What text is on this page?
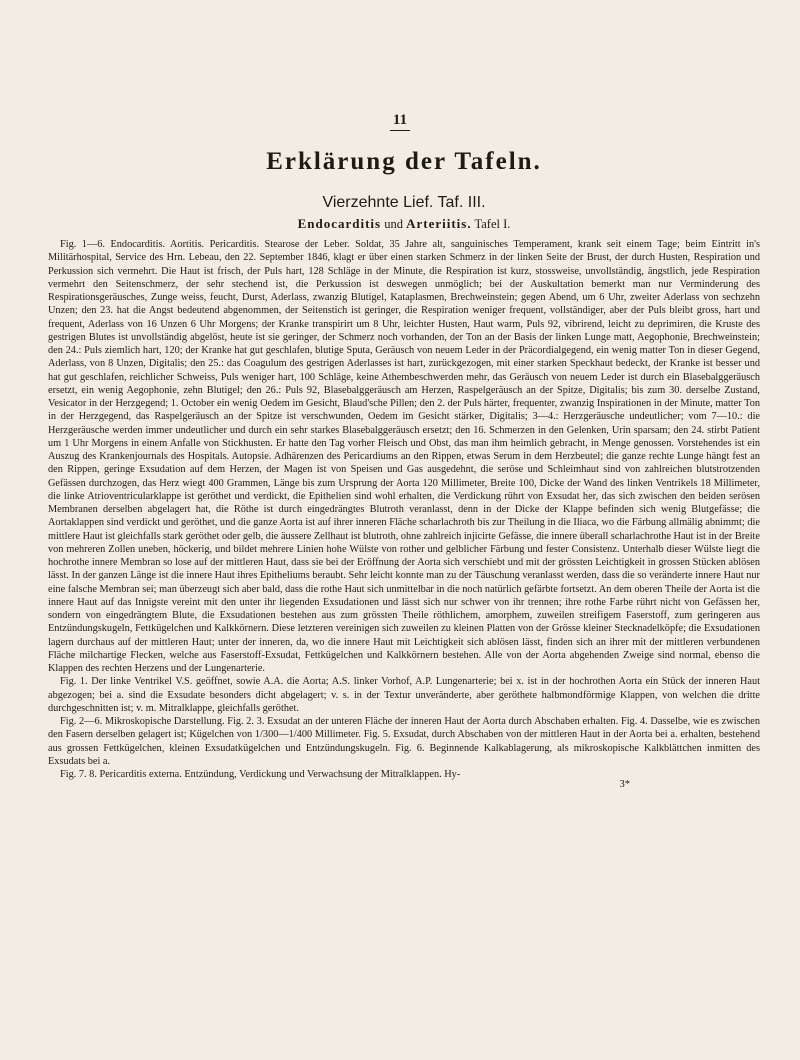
11
Erklärung der Tafeln.
Vierzehnte Lief. Taf. III.
Endocarditis und Arteriitis. Tafel I.

Fig. 1—6. Endocarditis. Aortitis. Pericarditis. Stearose der Leber. Soldat, 35 Jahre alt, sanguinisches Temperament, krank seit einem Tage; beim Eintritt in's Militärhospital, Service des Hrn. Lebeau, den 22. September 1846, klagt er über einen starken Schmerz in der linken Seite der Brust, der durch Husten, Respiration und Perkussion sich vermehrt. Die Haut ist frisch, der Puls hart, 128 Schläge in der Minute, die Respiration ist kurz, stossweise, unvollständig, ängstlich, jede Respiration vermehrt den Seitenschmerz, der sehr stechend ist, die Perkussion ist deswegen unmöglich; bei der Auskultation bemerkt man nur Verminderung des Respirationsgeräusches, Zunge weiss, feucht, Durst, Aderlass, zwanzig Blutigel, Kataplasmen, Brechweinstein; gegen Abend, um 6 Uhr, zweiter Aderlass von sechzehn Unzen; den 23. hat die Angst bedeutend abgenommen, der Seitenstich ist geringer, die Respiration weniger frequent, vollständiger, aber der Puls bleibt gross, hart und frequent, Aderlass von 16 Unzen 6 Uhr Morgens; der Kranke transpirirt um 8 Uhr, leichter Husten, Haut warm, Puls 92, vibrirend, leicht zu deprimiren, die Kruste des gestrigen Blutes ist unvollständig abgelöst, heute ist sie geringer, der Schmerz noch vorhanden, der Ton an der Basis der linken Lunge matt, Aegophonie, Brechweinstein; den 24.: Puls ziemlich hart, 120; der Kranke hat gut geschlafen, blutige Sputa, Geräusch von neuem Leder in der Präcordialgegend, ein wenig matter Ton in dieser Gegend, Aderlass, von 8 Unzen, Digitalis; den 25.: das Coagulum des gestrigen Aderlasses ist hart, zurückgezogen, mit einer starken Speckhaut bedeckt, der Kranke ist besser und hat gut geschlafen, reichlicher Schweiss, Puls weniger hart, 100 Schläge, keine Athembeschwerden mehr, das Geräusch von neuem Leder ist durch ein Blasebalggeräusch ersetzt, ein wenig Aegophonie, zehn Blutigel; den 26.: Puls 92, Blasebalggeräusch am Herzen, Raspelgeräusch an der Spitze, Digitalis; bis zum 30. derselbe Zustand, Vesicator in der Herzgegend; 1. October ein wenig Oedem im Gesicht, Blaud'sche Pillen; den 2. der Puls härter, frequenter, zwanzig Inspirationen in der Minute, matter Ton in der Herzgegend, das Raspelgeräusch an der Spitze ist verschwunden, Oedem im Gesicht stärker, Digitalis; 3—4.: Herzgeräusche undeutlicher; vom 7—10.: die Herzgeräusche werden immer undeutlicher und durch ein sehr starkes Blasebalggeräusch ersetzt; den 16. Schmerzen in den Gelenken, Urin sparsam; den 24. stirbt Patient um 1 Uhr Morgens in einem Anfalle von Stickhusten. Er hatte den Tag vorher Fleisch und Obst, das man ihm heimlich gebracht, in Menge genossen. Vorstehendes ist ein Auszug des Krankenjournals des Hospitals. Autopsie. Adhärenzen des Pericardiums an den Rippen, etwas Serum in dem Herzbeutel; die ganze rechte Lunge hängt fest an den Rippen, geringe Exsudation auf dem Herzen, der Magen ist von Speisen und Gas ausgedehnt, die seröse und Schleimhaut sind von zahlreichen blutstrotzenden Gefässen durchzogen, das Herz wiegt 400 Grammen, Länge bis zum Ursprung der Aorta 120 Millimeter, Breite 100, Dicke der Wand des linken Ventrikels 18 Millimeter, die linke Atrioventricularklappe ist geröthet und verdickt, die Epithelien sind wohl erhalten, die Verdickung rührt von Exsudat her, das sich zwischen den beiden serösen Membranen derselben abgelagert hat, die Röthe ist durch eingedrängtes Blutroth veranlasst, denn in der Dicke der Klappe befinden sich wenig Blutgefässe; die Aortaklappen sind verdickt und geröthet, und die ganze Aorta ist auf ihrer inneren Fläche scharlachroth bis zur Theilung in die Iliaca, wo die Färbung allmälig abnimmt; die mittlere Haut ist gleichfalls stark geröthet oder gelb, die äussere Zellhaut ist blutroth, ohne zahlreich injicirte Gefässe, die innere überall scharlachrothe Haut ist in der Breite von mehreren Zollen uneben, höckerig, und bildet mehrere Linien hohe Wülste von rother und gelblicher Färbung und fester Consistenz. Unterhalb dieser Wülste liegt die hochrothe innere Membran so lose auf der mittleren Haut, dass sie bei der Eröffnung der Aorta sich verschiebt und mit der grössten Leichtigkeit in grossen Stücken ablösen lässt. In der ganzen Länge ist die innere Haut ihres Epitheliums beraubt. Sehr leicht konnte man zu der Täuschung veranlasst werden, dass die so veränderte innere Haut nur eine falsche Membran sei; man überzeugt sich aber bald, dass die rothe Haut sich unmittelbar in die noch natürlich gefärbte fortsetzt. An dem oberen Theile der Aorta ist die innere Haut auf das Innigste vereint mit den unter ihr liegenden Exsudationen und lässt sich nur schwer von ihr trennen; ihre rothe Farbe rührt nicht von Gefässen her, sondern von eingedrängtem Blute, die Exsudationen bestehen aus zum grössten Theile röthlichem, amorphem, zuweilen streifigem Faserstoff, zum geringeren aus Entzündungskugeln, Fettkügelchen und Kalkkörnern. Diese letzteren vereinigen sich zuweilen zu kleinen Platten von der Grösse kleiner Stecknadelköpfe; die Exsudationen lagern durchaus auf der mittleren Haut; unter der inneren, da, wo die innere Haut mit Leichtigkeit sich ablösen lässt, finden sich an ihrer mit der mittleren verbundenen Fläche milchartige Flecken, welche aus Faserstoff-Exsudat, Fettkügelchen und Kalkkörnern bestehen. Alle von der Aorta abgehenden Zweige sind normal, ebenso die Klappen des rechten Herzens und der Lungenarterie.

Fig. 1. Der linke Ventrikel V.S. geöffnet, sowie A.A. die Aorta; A.S. linker Vorhof, A.P. Lungenarterie; bei x. ist in der hochrothen Aorta ein Stück der inneren Haut abgezogen; bei a. sind die Exsudate besonders dicht abgelagert; v. s. in der Textur unveränderte, aber geröthete halbmondförmige Klappen, von welchen die dritte durchgeschnitten ist; v. m. Mitralklappe, gleichfalls geröthet.

Fig. 2—6. Mikroskopische Darstellung. Fig. 2. 3. Exsudat an der unteren Fläche der inneren Haut der Aorta durch Abschaben erhalten. Fig. 4. Dasselbe, wie es zwischen den Fasern derselben gelagert ist; Kügelchen von 1/300—1/400 Millimeter. Fig. 5. Exsudat, durch Abschaben von der mittleren Haut in der Aorta bei a. erhalten, bestehend aus grossen Fettkügelchen, kleinen Exsudatkügelchen und Entzündungskugeln. Fig. 6. Beginnende Kalkablagerung, als mikroskopische Kalkblättchen inmitten des Exsudats bei a.

Fig. 7. 8. Pericarditis externa. Entzündung, Verdickung und Verwachsung der Mitralklappen. Hy-

3*
